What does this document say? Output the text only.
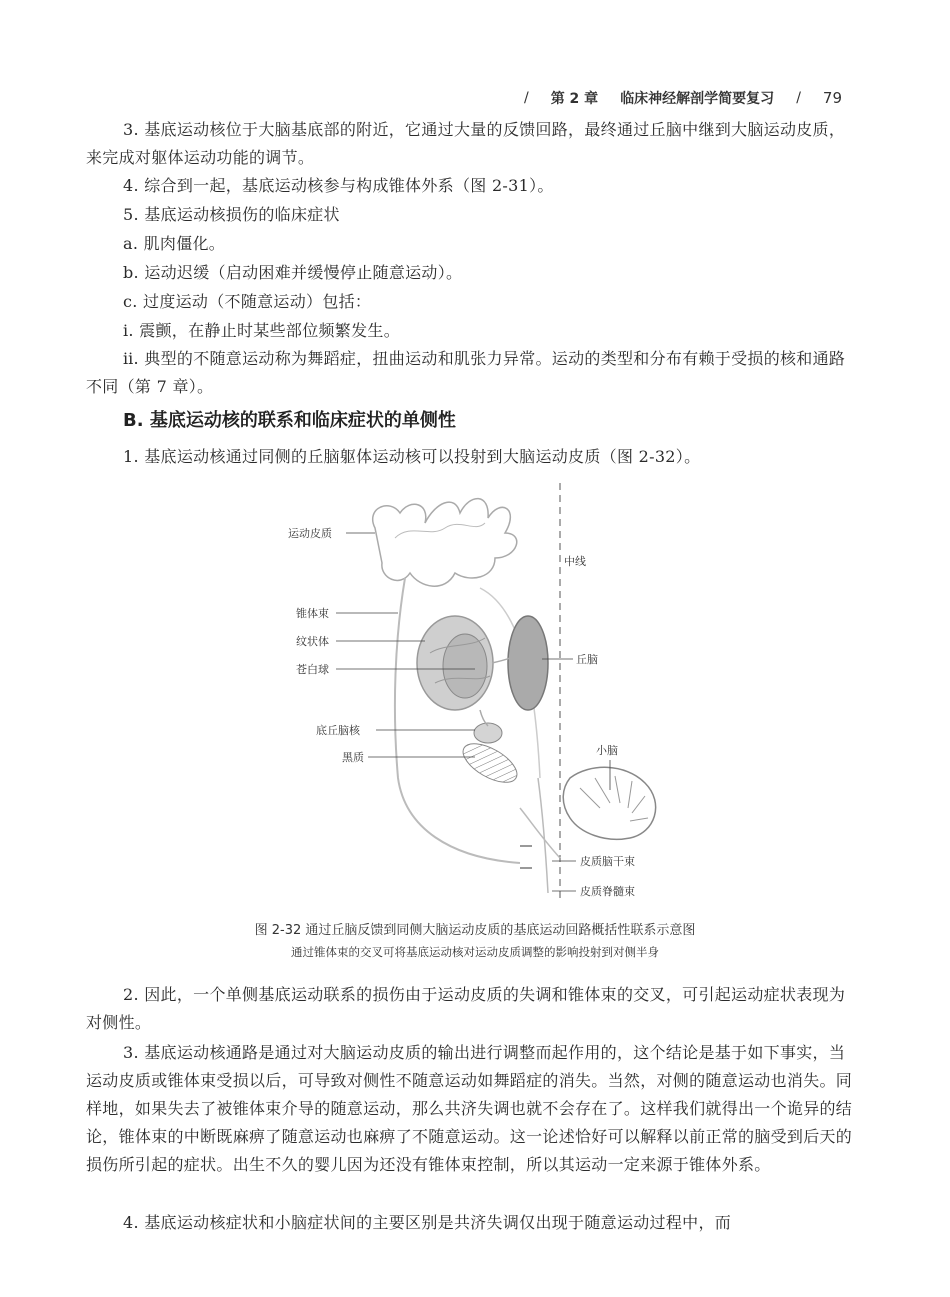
/ 第 2 章 临床神经解剖学简要复习 / 79
3. 基底运动核位于大脑基底部的附近，它通过大量的反馈回路，最终通过丘脑中继到大脑运动皮质，来完成对躯体运动功能的调节。
4. 综合到一起，基底运动核参与构成锥体外系（图 2-31）。
5. 基底运动核损伤的临床症状
a. 肌肉僵化。
b. 运动迟缓（启动困难并缓慢停止随意运动）。
c. 过度运动（不随意运动）包括：
ⅰ. 震颤，在静止时某些部位频繁发生。
ⅱ. 典型的不随意运动称为舞蹈症，扭曲运动和肌张力异常。运动的类型和分布有赖于受损的核和通路不同（第 7 章）。
B. 基底运动核的联系和临床症状的单侧性
1. 基底运动核通过同侧的丘脑躯体运动核可以投射到大脑运动皮质（图 2-32）。
运动皮质
中线
锥体束
纹状体
苍白球
丘脑
底丘脑核
黑质
小脑
皮质脑干束
皮质脊髓束
图 2-32 通过丘脑反馈到同侧大脑运动皮质的基底运动回路概括性联系示意图
通过锥体束的交叉可将基底运动核对运动皮质调整的影响投射到对侧半身
2. 因此，一个单侧基底运动联系的损伤由于运动皮质的失调和锥体束的交叉，可引起运动症状表现为对侧性。
3. 基底运动核通路是通过对大脑运动皮质的输出进行调整而起作用的，这个结论是基于如下事实，当运动皮质或锥体束受损以后，可导致对侧性不随意运动如舞蹈症的消失。当然，对侧的随意运动也消失。同样地，如果失去了被锥体束介导的随意运动，那么共济失调也就不会存在了。这样我们就得出一个诡异的结论，锥体束的中断既麻痹了随意运动也麻痹了不随意运动。这一论述恰好可以解释以前正常的脑受到后天的损伤所引起的症状。出生不久的婴儿因为还没有锥体束控制，所以其运动一定来源于锥体外系。
4. 基底运动核症状和小脑症状间的主要区别是共济失调仅出现于随意运动过程中，而
